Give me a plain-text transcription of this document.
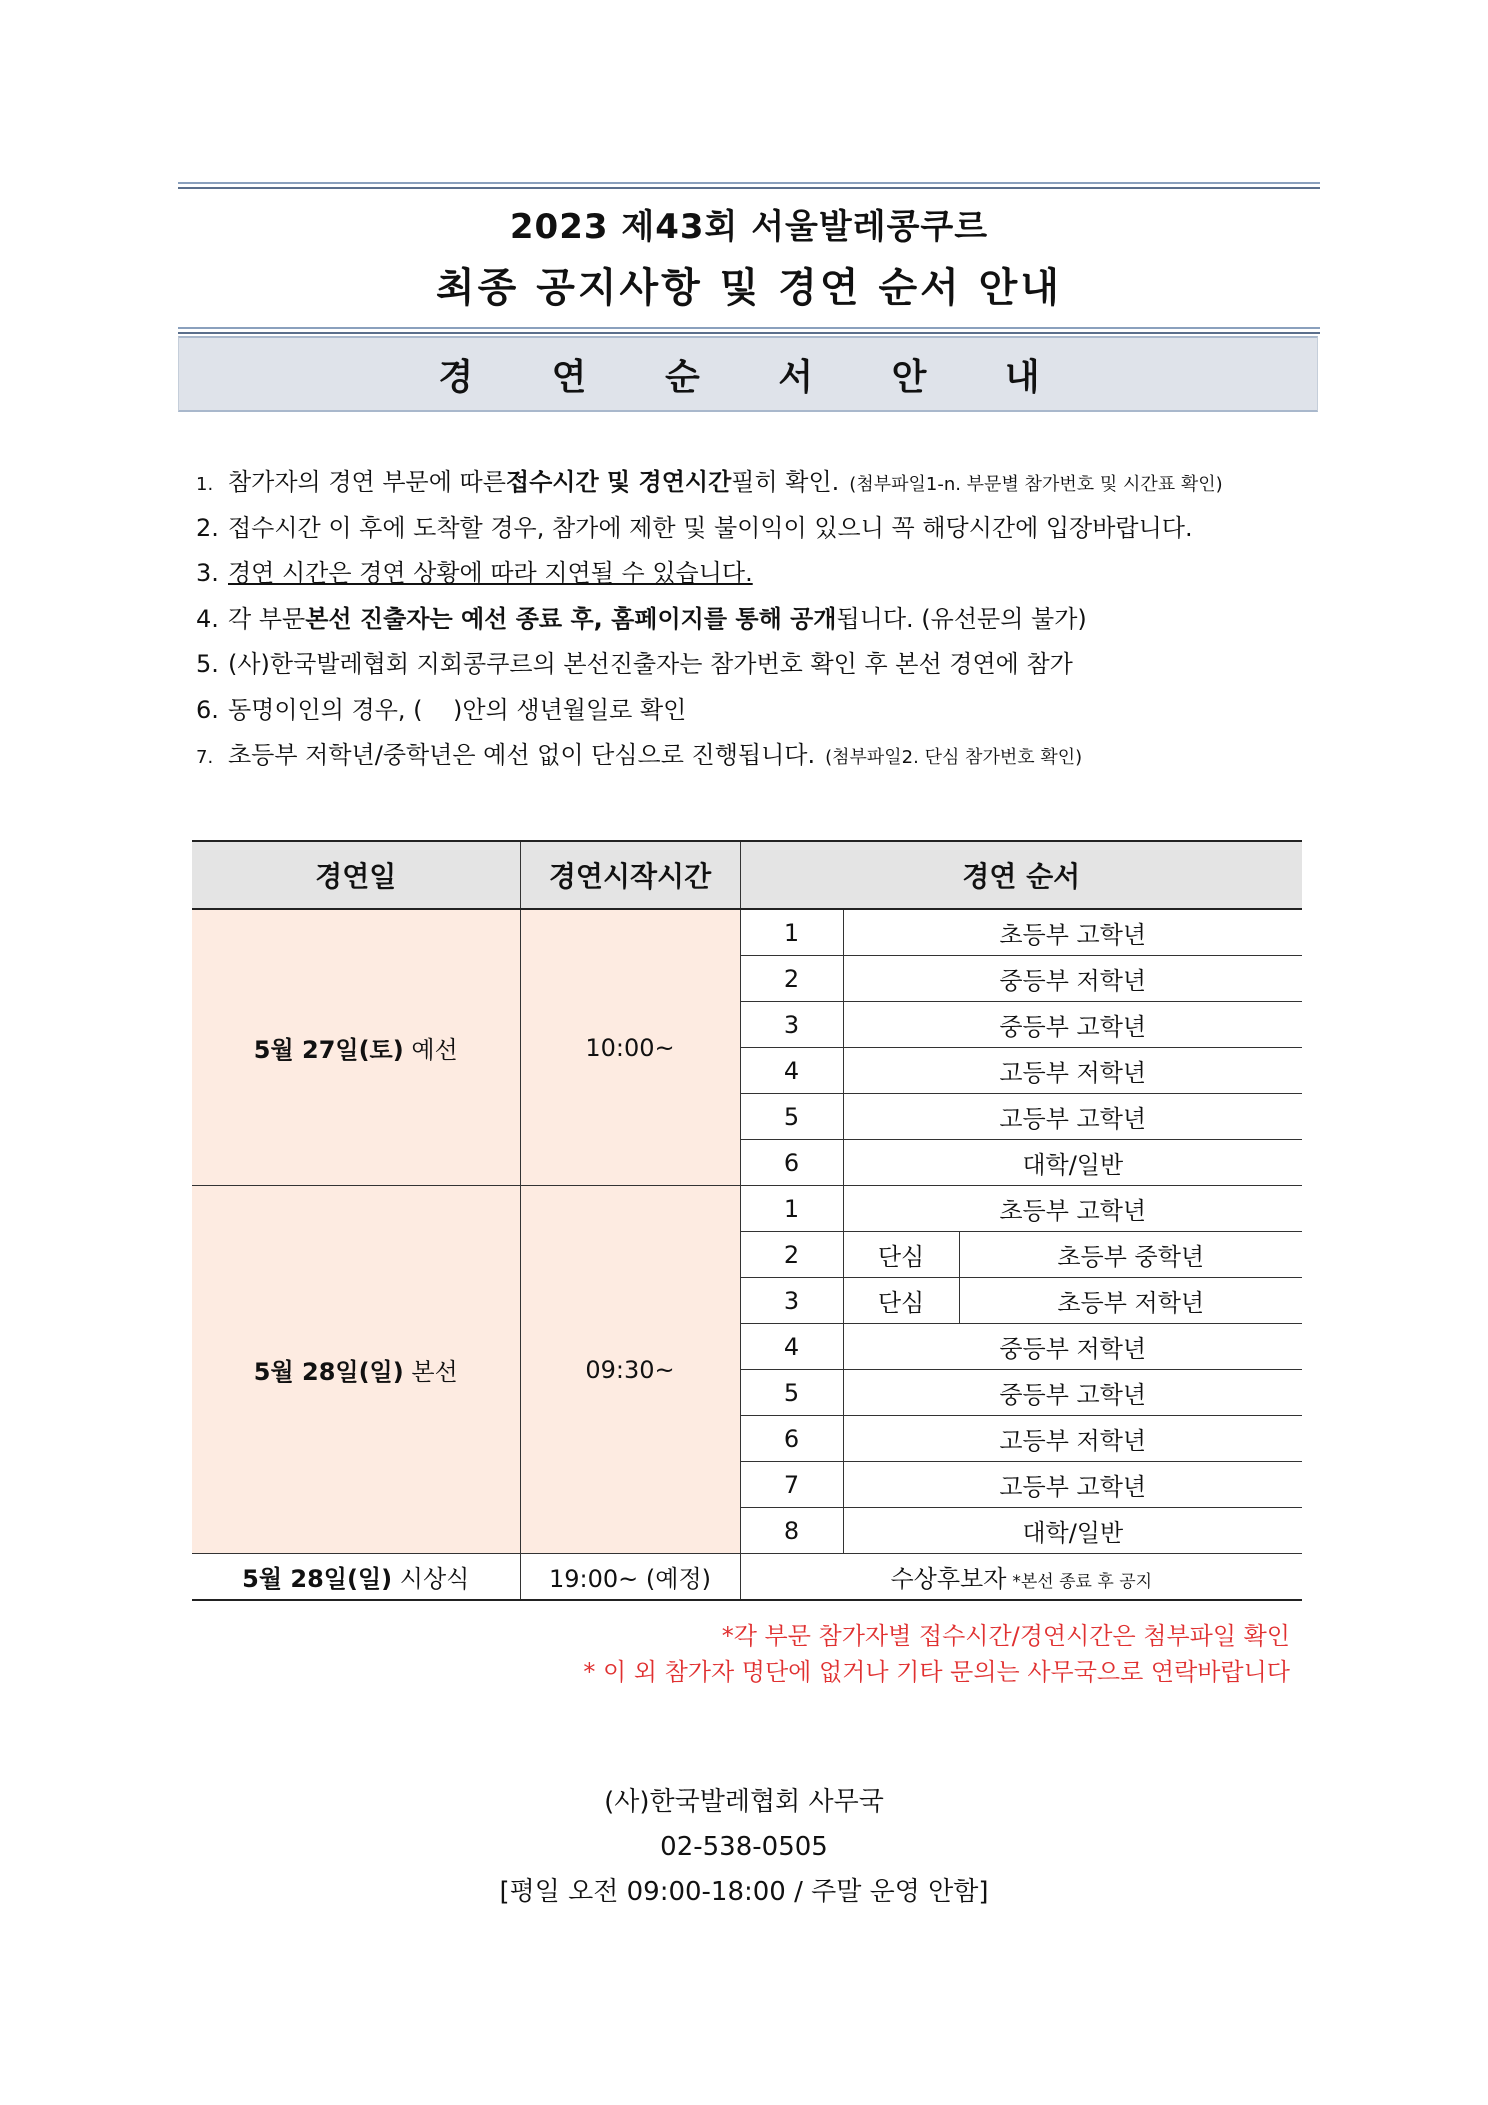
2023 제43회 서울발레콩쿠르
최종 공지사항 및 경연 순서 안내
경 연 순 서 안 내
1. 참가자의 경연 부문에 따른 접수시간 및 경연시간 필히 확인. (첨부파일1-n. 부문별 참가번호 및 시간표 확인)
2. 접수시간 이 후에 도착할 경우, 참가에 제한 및 불이익이 있으니 꼭 해당시간에 입장바랍니다.
3. 경연 시간은 경연 상황에 따라 지연될 수 있습니다.
4. 각 부문 본선 진출자는 예선 종료 후, 홈페이지를 통해 공개 됩니다. (유선문의 불가)
5. (사)한국발레협회 지회콩쿠르의 본선진출자는 참가번호 확인 후 본선 경연에 참가
6. 동명이인의 경우, (    )안의 생년월일로 확인
7. 초등부 저학년/중학년은 예선 없이 단심으로 진행됩니다. (첨부파일2. 단심 참가번호 확인)
경연일	경연시작시간	경연 순서		
5월 27일(토) 예선	10:00~	1	초등부 고학년	
		2	중등부 저학년	
		3	중등부 고학년	
		4	고등부 저학년	
		5	고등부 고학년	
		6	대학/일반	
5월 28일(일) 본선	09:30~	1	초등부 고학년	
		2	단심	초등부 중학년
		3	단심	초등부 저학년
		4	중등부 저학년	
		5	중등부 고학년	
		6	고등부 저학년	
		7	고등부 고학년	
		8	대학/일반	
5월 28일(일) 시상식	19:00~ (예정)	수상후보자 *본선 종료 후 공지		
*각 부문 참가자별 접수시간/경연시간은 첨부파일 확인
* 이 외 참가자 명단에 없거나 기타 문의는 사무국으로 연락바랍니다
(사)한국발레협회 사무국
02-538-0505
[평일 오전 09:00-18:00 / 주말 운영 안함]
